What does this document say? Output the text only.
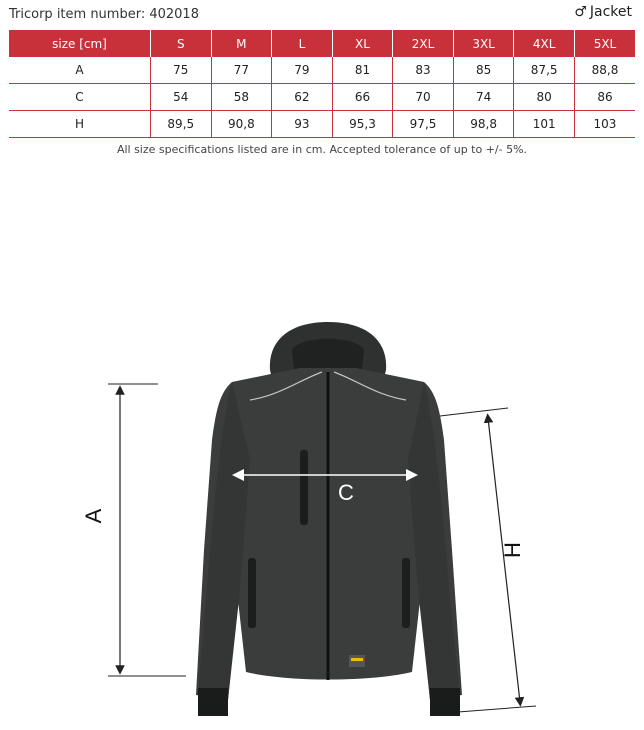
Tricorp item number: 402018	♂ Jacket
size [cm]	S	M	L	XL	2XL	3XL	4XL	5XL
A	75	77	79	81	83	85	87,5	88,8
C	54	58	62	66	70	74	80	86
H	89,5	90,8	93	95,3	97,5	98,8	101	103
All size specifications listed are in cm. Accepted tolerance of up to +/- 5%.
A
C
H
